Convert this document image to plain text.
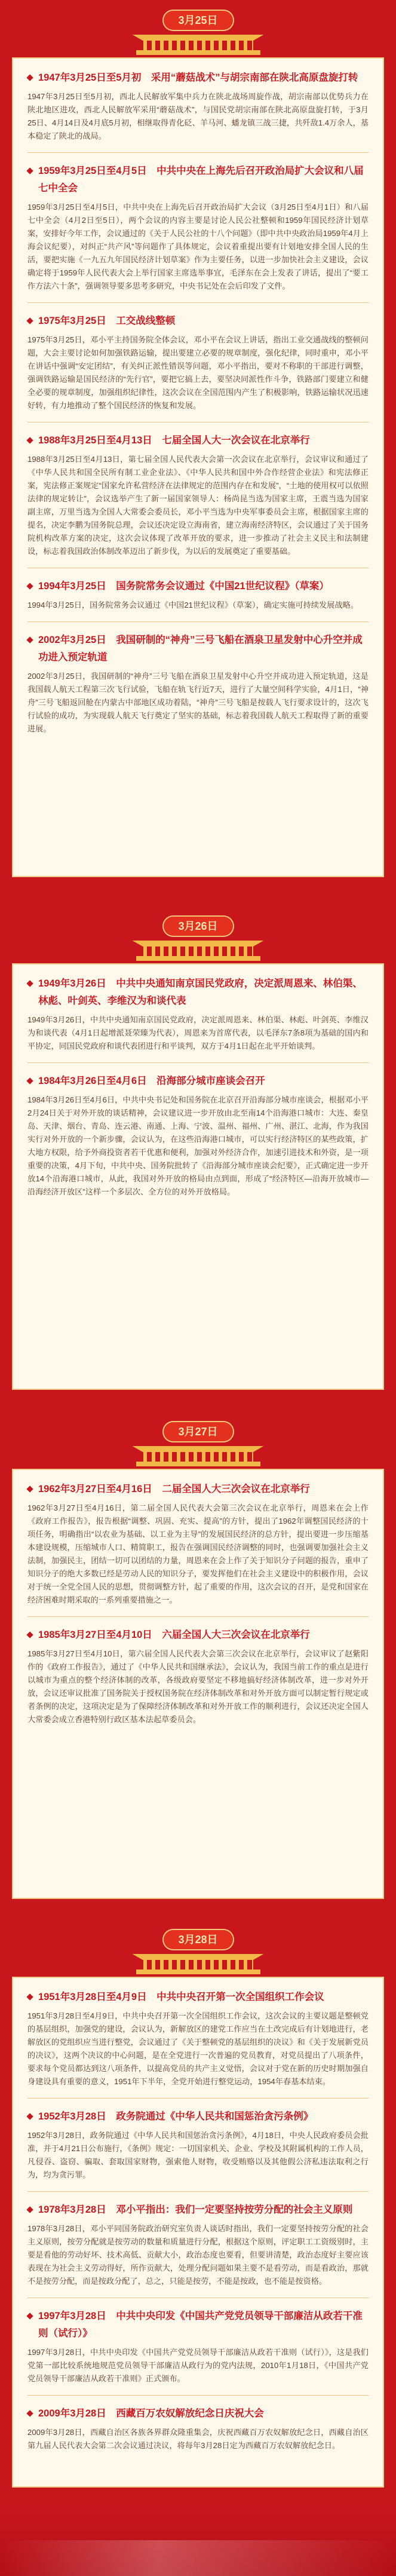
3月25日

1947年3月25日至5月初　采用“蘑菇战术”与胡宗南部在陕北高原盘旋打转

1947年3月25日至5月初，西北人民解放军集中兵力在陕北战场周旋作战，胡宗南部以优势兵力在陕北地区进攻，西北人民解放军采用“蘑菇战术”，与国民党胡宗南部在陕北高原盘旋打转，于3月25日、4月14日及4月底5月初，相继取得青化砭、羊马河、蟠龙镇三战三捷，共歼敌1.4万余人，基本稳定了陕北的战局。

1959年3月25日至4月5日　中共中央在上海先后召开政治局扩大会议和八届七中全会

1959年3月25日至4月5日，中共中央在上海先后召开政治局扩大会议（3月25日至4月1日）和八届七中全会（4月2日至5日），两个会议的内容主要是讨论人民公社整顿和1959年国民经济计划草案，安排好今年工作，会议通过的《关于人民公社的十八个问题》（即中共中央政治局1959年4月上海会议纪要），对纠正“共产风”等问题作了具体规定，会议着重提出要有计划地安排全国人民的生活，要把实施《一九五九年国民经济计划草案》作为主要任务，以进一步加快社会主义建设，会议确定将于1959年人民代表大会上举行国家主席选举事宜，毛泽东在会上发表了讲话，提出了“要工作方法六十条”，强调领导要多思考多研究，中央书记处在会后印发了文件。

1975年3月25日　工交战线整顿

1975年3月25日，邓小平主持国务院全体会议，邓小平在会议上讲话，指出工业交通战线的整顿问题，大会主要讨论如何加强铁路运输，提出要建立必要的规章制度，强化纪律，同时重申，邓小平在讲话中强调“安定团结”，有关纠正派性错误等问题，邓小平指出，要对不称职的干部进行调整，强调铁路运输是国民经济的“先行官”，要把它搞上去，要坚决同派性作斗争，铁路部门要建立和健全必要的规章制度，加强组织纪律性，这次会议在全国范围内产生了积极影响，铁路运输状况迅速好转，有力地推动了整个国民经济的恢复和发展。

1988年3月25日至4月13日　七届全国人大一次会议在北京举行

1988年3月25日至4月13日，第七届全国人民代表大会第一次会议在北京举行，会议审议和通过了《中华人民共和国全民所有制工业企业法》、《中华人民共和国中外合作经营企业法》和宪法修正案，宪法修正案规定“国家允许私营经济在法律规定的范围内存在和发展”，“土地的使用权可以依照法律的规定转让”，会议选举产生了新一届国家领导人：杨尚昆当选为国家主席，王震当选为国家副主席，万里当选为全国人大常委会委员长，邓小平当选为中央军事委员会主席，根据国家主席的提名，决定李鹏为国务院总理，会议还决定设立海南省，建立海南经济特区，会议通过了关于国务院机构改革方案的决定，这次会议体现了改革开放的要求，进一步推动了社会主义民主和法制建设，标志着我国政治体制改革迈出了新步伐，为以后的发展奠定了重要基础。

1994年3月25日　国务院常务会议通过《中国21世纪议程》（草案）

1994年3月25日，国务院常务会议通过《中国21世纪议程》（草案），确定实施可持续发展战略。

2002年3月25日　我国研制的“神舟”三号飞船在酒泉卫星发射中心升空并成功进入预定轨道

2002年3月25日，我国研制的“神舟”三号飞船在酒泉卫星发射中心升空并成功进入预定轨道，这是我国载人航天工程第三次飞行试验，飞船在轨飞行近7天，进行了大量空间科学实验，4月1日，“神舟”三号飞船返回舱在内蒙古中部地区成功着陆，“神舟”三号飞船是按载人飞行要求设计的，这次飞行试验的成功，为实现载人航天飞行奠定了坚实的基础，标志着我国载人航天工程取得了新的重要进展。

3月26日

1949年3月26日　中共中央通知南京国民党政府，决定派周恩来、林伯渠、林彪、叶剑英、李维汉为和谈代表

1949年3月26日，中共中央通知南京国民党政府，决定派周恩来、林伯渠、林彪、叶剑英、李维汉为和谈代表（4月1日起增派聂荣臻为代表），周恩来为首席代表，以毛泽东7条8项为基础的国内和平协定，同国民党政府和谈代表团进行和平谈判，双方于4月1日起在北平开始谈判。

1984年3月26日至4月6日　沿海部分城市座谈会召开

1984年3月26日至4月6日，中共中央书记处和国务院在北京召开沿海部分城市座谈会，根据邓小平2月24日关于对外开放的谈话精神，会议建议进一步开放由北至南14个沿海港口城市：大连、秦皇岛、天津、烟台、青岛、连云港、南通、上海、宁波、温州、福州、广州、湛江、北海，作为我国实行对外开放的一个新步骤，会议认为，在这些沿海港口城市，可以实行经济特区的某些政策，扩大地方权限，给予外商投资者若干优惠和便利，加强对外经济合作，加速引进技术和外资，是一项重要的决策，4月下旬，中共中央、国务院批转了《沿海部分城市座谈会纪要》，正式确定进一步开放14个沿海港口城市，从此，我国对外开放的格局由点到面，形成了“经济特区—沿海开放城市—沿海经济开放区”这样一个多层次、全方位的对外开放格局。

3月27日

1962年3月27日至4月16日　二届全国人大三次会议在北京举行

1962年3月27日至4月16日，第二届全国人民代表大会第三次会议在北京举行，周恩来在会上作《政府工作报告》，报告根据“调整、巩固、充实、提高”的方针，提出了1962年调整国民经济的十项任务，明确指出“以农业为基础、以工业为主导”的发展国民经济的总方针，提出要进一步压缩基本建设规模，压缩城市人口、精简职工，报告在强调国民经济调整的同时，也强调要加强社会主义法制，加强民主，团结一切可以团结的力量，周恩来在会上作了关于知识分子问题的报告，重申了知识分子的绝大多数已经是劳动人民的知识分子，要发挥他们在社会主义建设中的积极作用，会议对于统一全党全国人民的思想，贯彻调整方针，起了重要的作用，这次会议的召开，是党和国家在经济困难时期采取的一系列重要措施之一。

1985年3月27日至4月10日　六届全国人大三次会议在北京举行

1985年3月27日至4月10日，第六届全国人民代表大会第三次会议在北京举行，会议审议了赵紫阳作的《政府工作报告》，通过了《中华人民共和国继承法》，会议认为，我国当前工作的重点是进行以城市为重点的整个经济体制的改革，各级政府要坚定不移地搞好经济体制改革，进一步对外开放，会议还审议批准了国务院关于授权国务院在经济体制改革和对外开放方面可以制定暂行规定或者条例的决定，这项决定是为了保障经济体制改革和对外开放工作的顺利进行，会议还决定全国人大常委会成立香港特别行政区基本法起草委员会。

3月28日

1951年3月28日至4月9日　中共中央召开第一次全国组织工作会议

1951年3月28日至4月9日，中共中央召开第一次全国组织工作会议，这次会议的主要议题是整顿党的基层组织，加强党的建设，会议认为，新解放区的建党工作应当在土改完成后有计划地进行，老解放区的党组织应当进行整党，会议通过了《关于整顿党的基层组织的决议》和《关于发展新党员的决议》，这两个决议的中心问题，是在全党进行一次普遍的党员教育，对党员提出了八项条件，要求每个党员都达到这八项条件，以提高党员的共产主义觉悟，会议对于党在新的历史时期加强自身建设具有重要的意义，1951年下半年，全党开始进行整党运动，1954年春基本结束。

1952年3月28日　政务院通过《中华人民共和国惩治贪污条例》

1952年3月28日，政务院通过《中华人民共和国惩治贪污条例》，4月18日，中央人民政府委员会批准，并于4月21日公布施行，《条例》规定：一切国家机关、企业、学校及其附属机构的工作人员，凡侵吞、盗窃、骗取、套取国家财物，强索他人财物，收受贿赂以及其他假公济私违法取利之行为，均为贪污罪。

1978年3月28日　邓小平指出：我们一定要坚持按劳分配的社会主义原则

1978年3月28日，邓小平同国务院政治研究室负责人谈话时指出，我们一定要坚持按劳分配的社会主义原则，按劳分配就是按劳动的数量和质量进行分配，根据这个原则，评定职工工资级别时，主要是看他的劳动好坏、技术高低、贡献大小，政治态度也要看，但要讲清楚，政治态度好主要应该表现在为社会主义劳动得好，所作贡献大，处理分配问题如果主要不是看劳动，而是看政治，那就不是按劳分配，而是按政分配了，总之，只能是按劳，不能是按政，也不能是按资格。

1997年3月28日　中共中央印发《中国共产党党员领导干部廉洁从政若干准则（试行）》

1997年3月28日，中共中央印发《中国共产党党员领导干部廉洁从政若干准则（试行）》，这是我们党第一部比较系统地规范党员领导干部廉洁从政行为的党内法规，2010年1月18日，《中国共产党党员领导干部廉洁从政若干准则》正式颁布。

2009年3月28日　西藏百万农奴解放纪念日庆祝大会

2009年3月28日，西藏自治区各族各界群众隆重集会，庆祝西藏百万农奴解放纪念日，西藏自治区第九届人民代表大会第二次会议通过决议，将每年3月28日定为西藏百万农奴解放纪念日。
